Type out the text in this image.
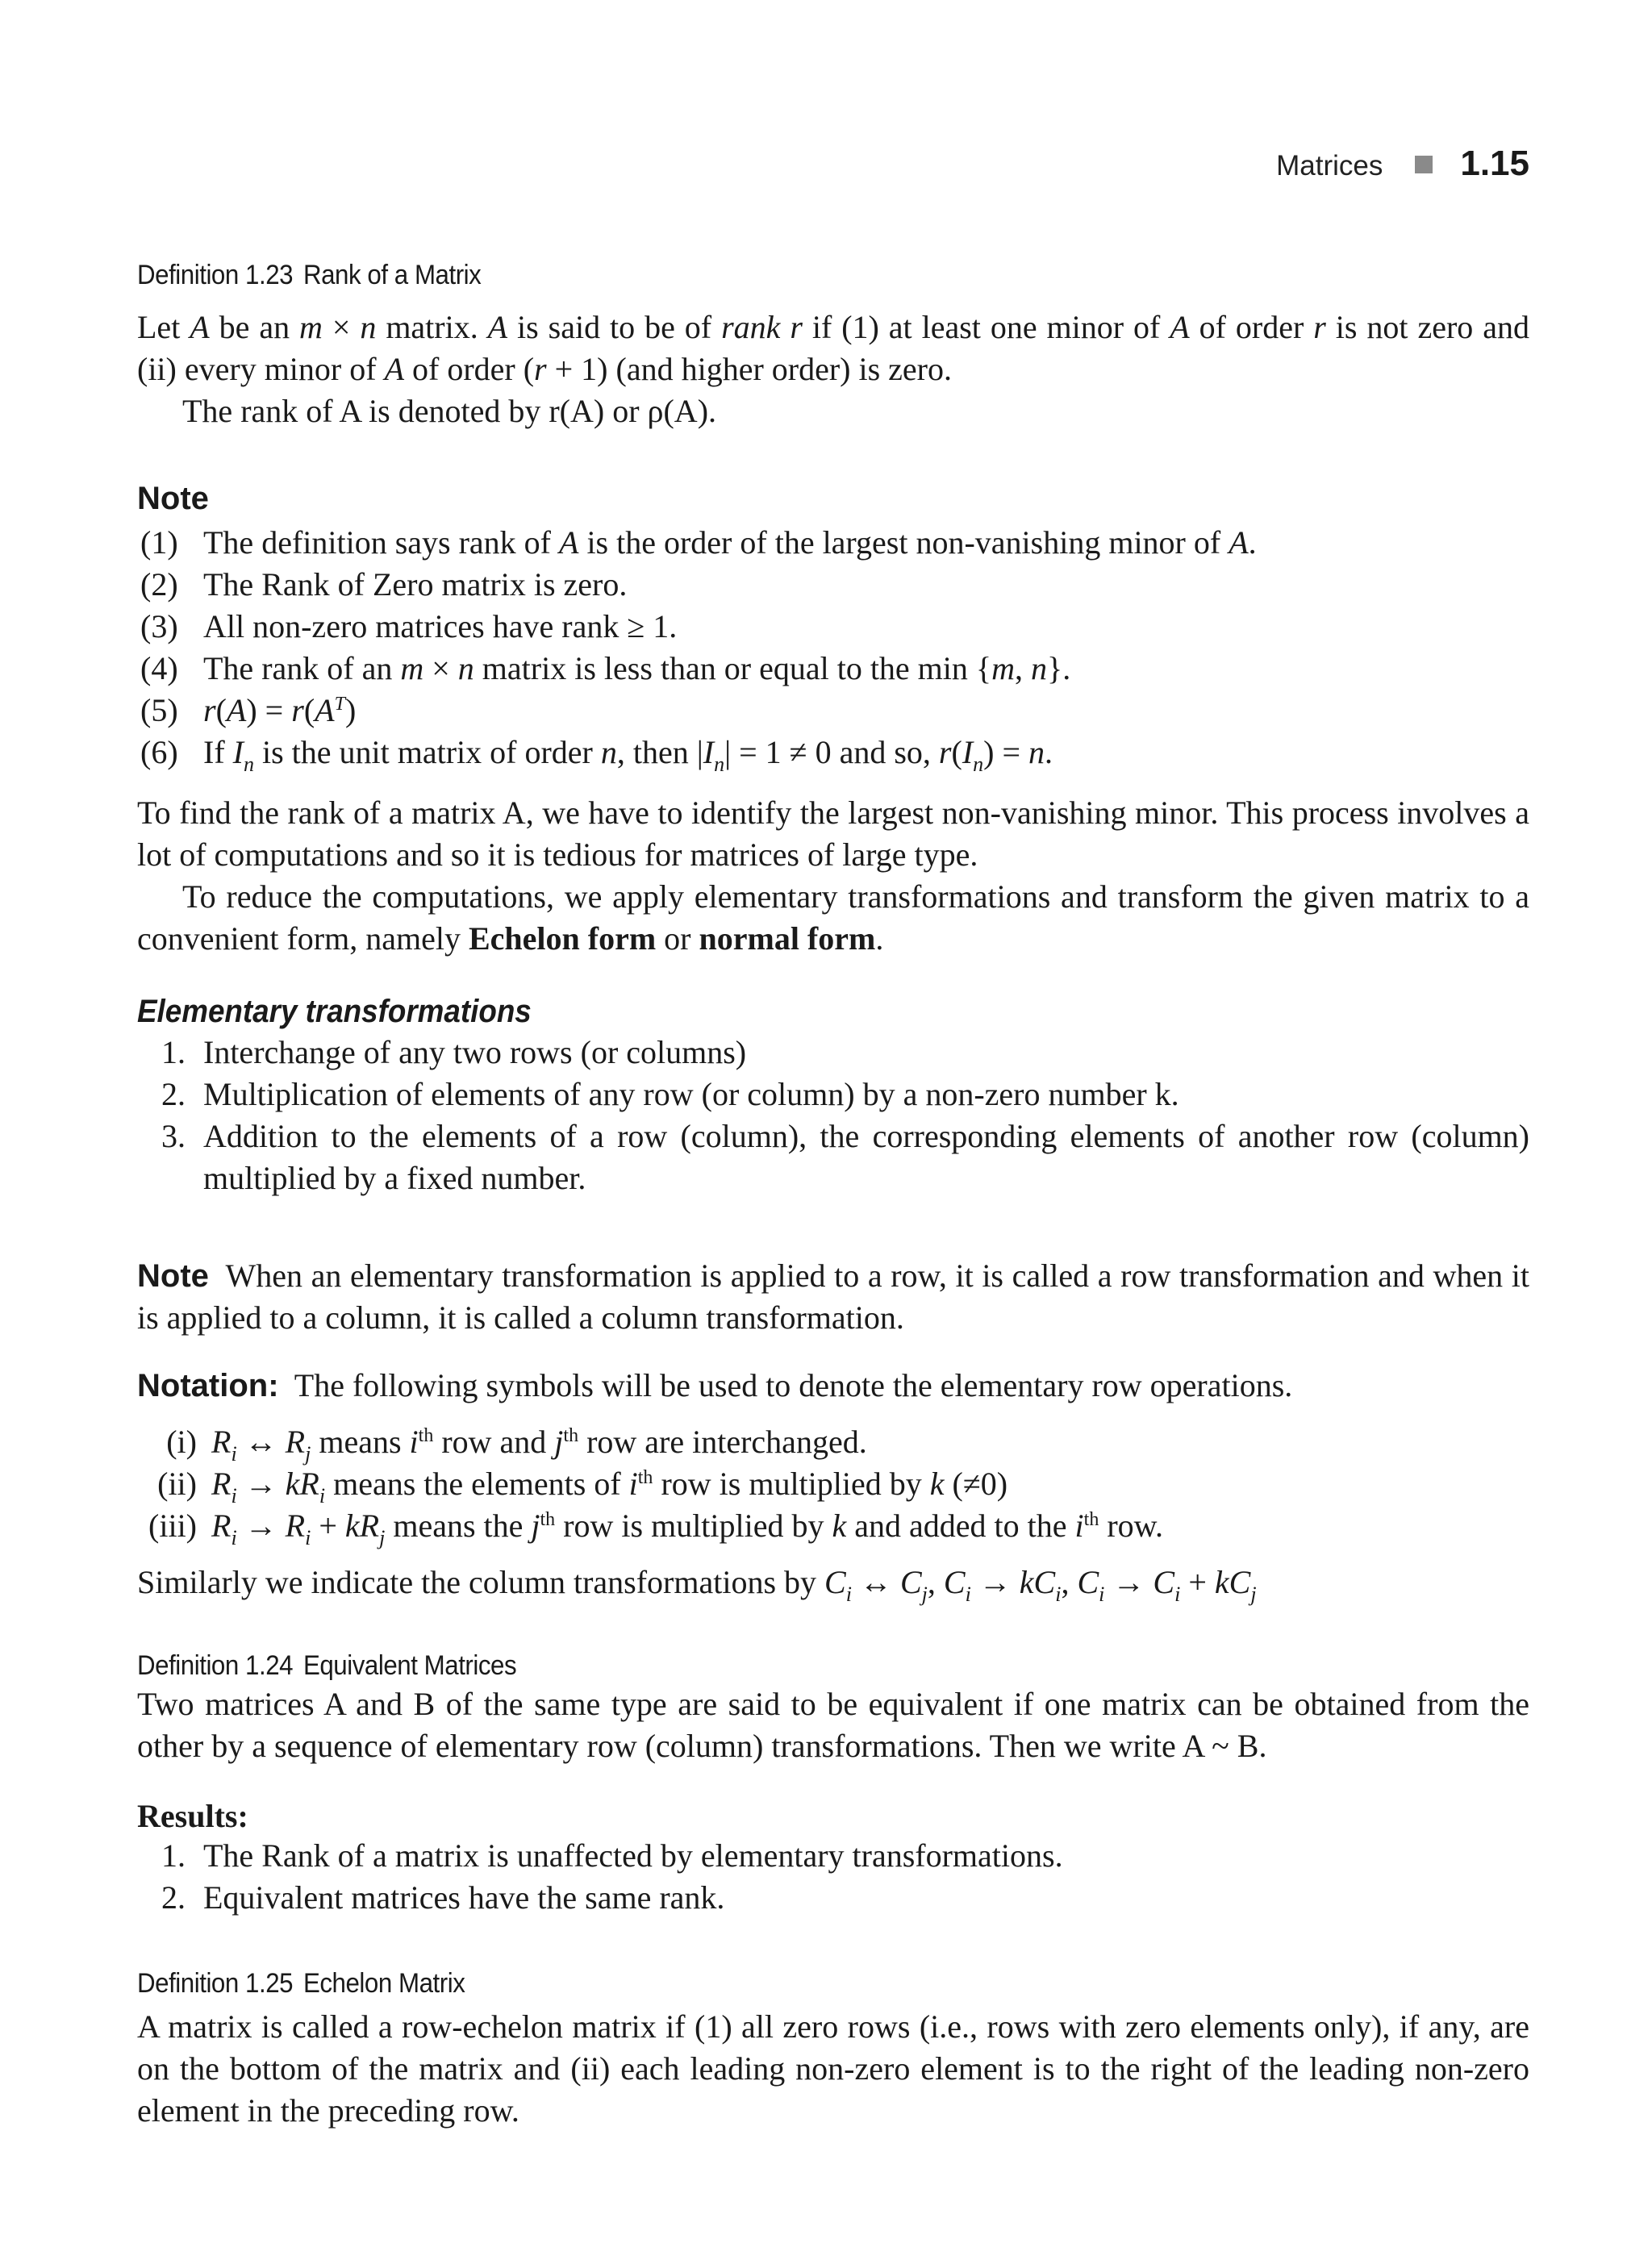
Matrices 1.15
Definition 1.23 Rank of a Matrix

Let A be an m × n matrix. A is said to be of rank r if (1) at least one minor of A of order r is not zero and (ii) every minor of A of order (r + 1) (and higher order) is zero.

The rank of A is denoted by r(A) or ρ(A).

Note
(1) The definition says rank of A is the order of the largest non-vanishing minor of A.
(2) The Rank of Zero matrix is zero.
(3) All non-zero matrices have rank ≥ 1.
(4) The rank of an m × n matrix is less than or equal to the min {m, n}.
(5) $r(A) = r(A^T)$
(6) If $I_n$ is the unit matrix of order n, then $|I_n| = 1 \ne 0$ and so, $r(I_n) = n$.

To find the rank of a matrix A, we have to identify the largest non-vanishing minor. This process involves a lot of computations and so it is tedious for matrices of large type.

To reduce the computations, we apply elementary transformations and transform the given matrix to a convenient form, namely Echelon form or normal form.

Elementary transformations
1. Interchange of any two rows (or columns)
2. Multiplication of elements of any row (or column) by a non-zero number k.
3. Addition to the elements of a row (column), the corresponding elements of another row (column) multiplied by a fixed number.

Note When an elementary transformation is applied to a row, it is called a row transformation and when it is applied to a column, it is called a column transformation.

Notation: The following symbols will be used to denote the elementary row operations.

(i) $R_i$ ↔ $R_j$ means $i^{th}$ row and $j^{th}$ row are interchanged.
(ii) $R_i \to kR_i$ means the elements of $i^{th}$ row is multiplied by k (≠0)
(iii) $R_i \to R_i + kR_j$ means the $j^{th}$ row is multiplied by k and added to the $i^{th}$ row.

Similarly we indicate the column transformations by $C_i$ ↔ $C_j$, $C_i \to kC_i$, $C_i \to C_i + kC_j$

Definition 1.24 Equivalent Matrices

Two matrices A and B of the same type are said to be equivalent if one matrix can be obtained from the other by a sequence of elementary row (column) transformations. Then we write A ~ B.

Results:
1. The Rank of a matrix is unaffected by elementary transformations.
2. Equivalent matrices have the same rank.
Definition 1.25 Echelon Matrix

A matrix is called a row-echelon matrix if (1) all zero rows (i.e., rows with zero elements only), if any, are on the bottom of the matrix and (ii) each leading non-zero element is to the right of the leading non-zero element in the preceding row.
